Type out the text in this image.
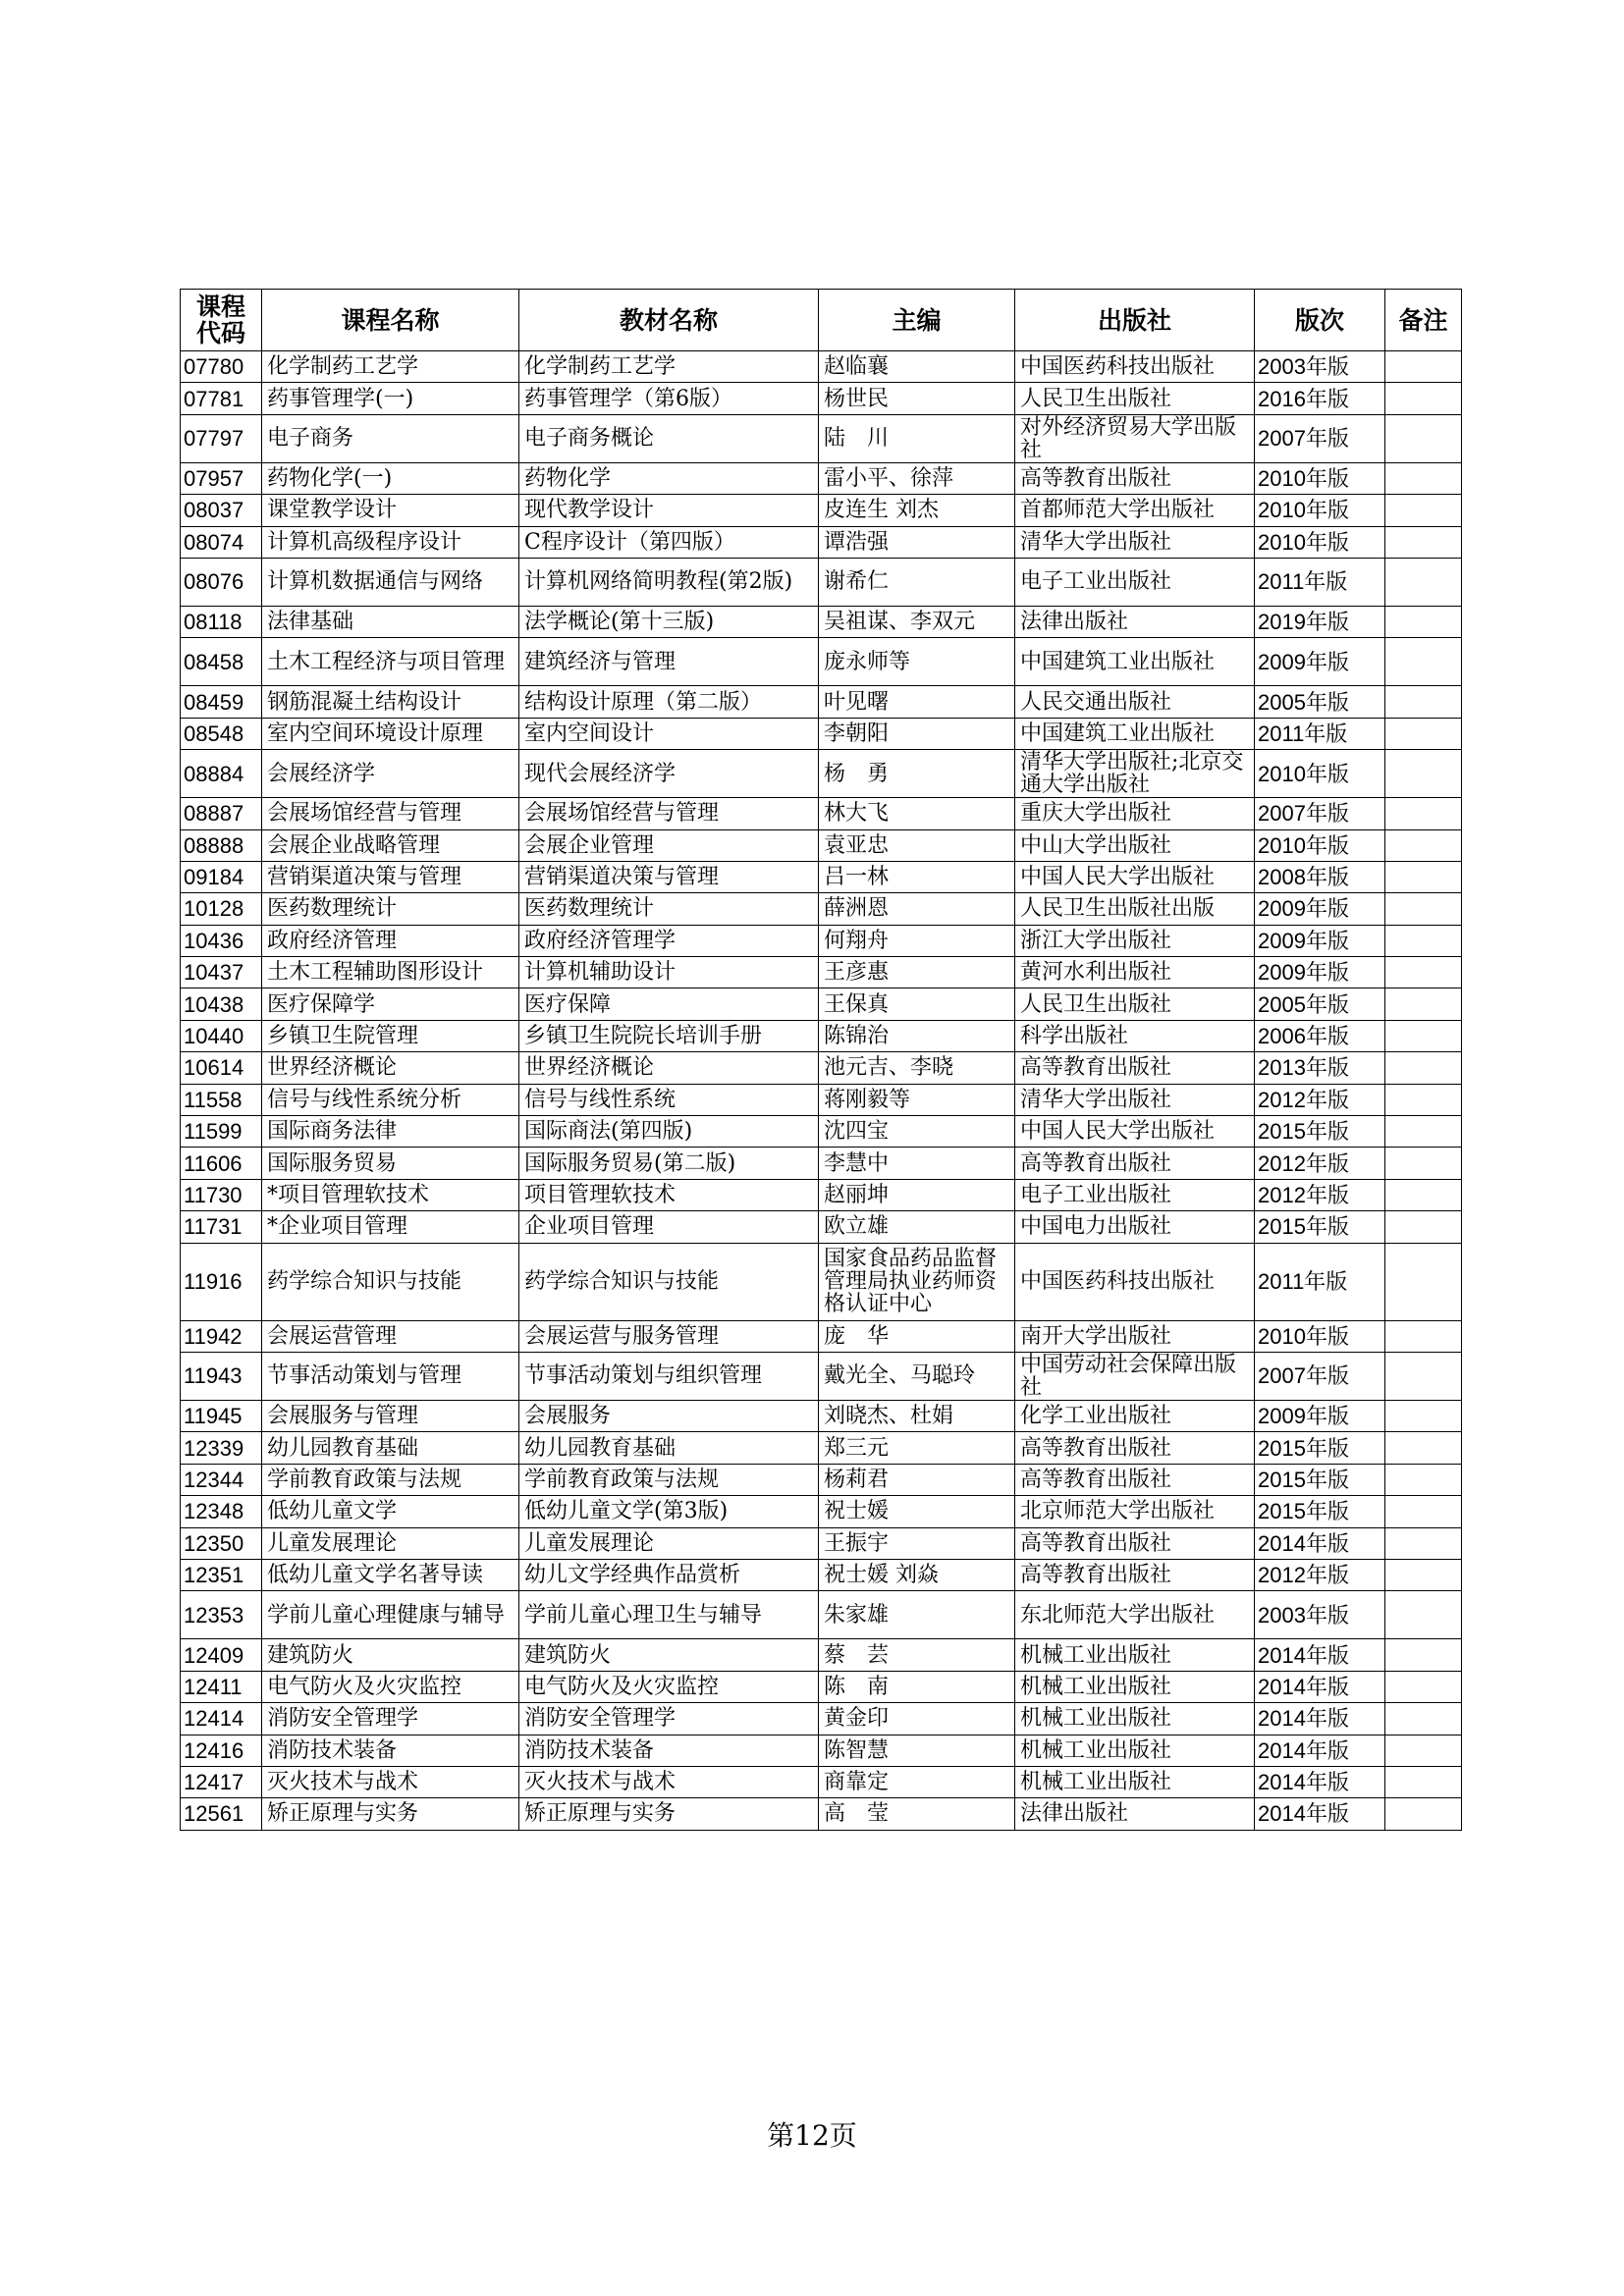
课程
代码	课程名称	教材名称	主编	出版社	版次	备注
07780	化学制药工艺学	化学制药工艺学	赵临襄	中国医药科技出版社	2003年版	
07781	药事管理学(一)	药事管理学（第6版）	杨世民	人民卫生出版社	2016年版	
07797	电子商务	电子商务概论	陆　川	对外经济贸易大学出版社	2007年版	
07957	药物化学(一)	药物化学	雷小平、徐萍	高等教育出版社	2010年版	
08037	课堂教学设计	现代教学设计	皮连生 刘杰	首都师范大学出版社	2010年版	
08074	计算机高级程序设计	C程序设计（第四版）	谭浩强	清华大学出版社	2010年版	
08076	计算机数据通信与网络	计算机网络简明教程(第2版)	谢希仁	电子工业出版社	2011年版	
08118	法律基础	法学概论(第十三版)	吴祖谋、李双元	法律出版社	2019年版	
08458	土木工程经济与项目管理	建筑经济与管理	庞永师等	中国建筑工业出版社	2009年版	
08459	钢筋混凝土结构设计	结构设计原理（第二版）	叶见曙	人民交通出版社	2005年版	
08548	室内空间环境设计原理	室内空间设计	李朝阳	中国建筑工业出版社	2011年版	
08884	会展经济学	现代会展经济学	杨　勇	清华大学出版社;北京交通大学出版社	2010年版	
08887	会展场馆经营与管理	会展场馆经营与管理	林大飞	重庆大学出版社	2007年版	
08888	会展企业战略管理	会展企业管理	袁亚忠	中山大学出版社	2010年版	
09184	营销渠道决策与管理	营销渠道决策与管理	吕一林	中国人民大学出版社	2008年版	
10128	医药数理统计	医药数理统计	薛洲恩	人民卫生出版社出版	2009年版	
10436	政府经济管理	政府经济管理学	何翔舟	浙江大学出版社	2009年版	
10437	土木工程辅助图形设计	计算机辅助设计	王彦惠	黄河水利出版社	2009年版	
10438	医疗保障学	医疗保障	王保真	人民卫生出版社	2005年版	
10440	乡镇卫生院管理	乡镇卫生院院长培训手册	陈锦治	科学出版社	2006年版	
10614	世界经济概论	世界经济概论	池元吉、李晓	高等教育出版社	2013年版	
11558	信号与线性系统分析	信号与线性系统	蒋刚毅等	清华大学出版社	2012年版	
11599	国际商务法律	国际商法(第四版)	沈四宝	中国人民大学出版社	2015年版	
11606	国际服务贸易	国际服务贸易(第二版)	李慧中	高等教育出版社	2012年版	
11730	*项目管理软技术	项目管理软技术	赵丽坤	电子工业出版社	2012年版	
11731	*企业项目管理	企业项目管理	欧立雄	中国电力出版社	2015年版	
11916	药学综合知识与技能	药学综合知识与技能	国家食品药品监督管理局执业药师资格认证中心	中国医药科技出版社	2011年版	
11942	会展运营管理	会展运营与服务管理	庞　华	南开大学出版社	2010年版	
11943	节事活动策划与管理	节事活动策划与组织管理	戴光全、马聪玲	中国劳动社会保障出版社	2007年版	
11945	会展服务与管理	会展服务	刘晓杰、杜娟	化学工业出版社	2009年版	
12339	幼儿园教育基础	幼儿园教育基础	郑三元	高等教育出版社	2015年版	
12344	学前教育政策与法规	学前教育政策与法规	杨莉君	高等教育出版社	2015年版	
12348	低幼儿童文学	低幼儿童文学(第3版)	祝士媛	北京师范大学出版社	2015年版	
12350	儿童发展理论	儿童发展理论	王振宇	高等教育出版社	2014年版	
12351	低幼儿童文学名著导读	幼儿文学经典作品赏析	祝士媛 刘焱	高等教育出版社	2012年版	
12353	学前儿童心理健康与辅导	学前儿童心理卫生与辅导	朱家雄	东北师范大学出版社	2003年版	
12409	建筑防火	建筑防火	蔡　芸	机械工业出版社	2014年版	
12411	电气防火及火灾监控	电气防火及火灾监控	陈　南	机械工业出版社	2014年版	
12414	消防安全管理学	消防安全管理学	黄金印	机械工业出版社	2014年版	
12416	消防技术装备	消防技术装备	陈智慧	机械工业出版社	2014年版	
12417	灭火技术与战术	灭火技术与战术	商靠定	机械工业出版社	2014年版	
12561	矫正原理与实务	矫正原理与实务	高　莹	法律出版社	2014年版	
第12页
